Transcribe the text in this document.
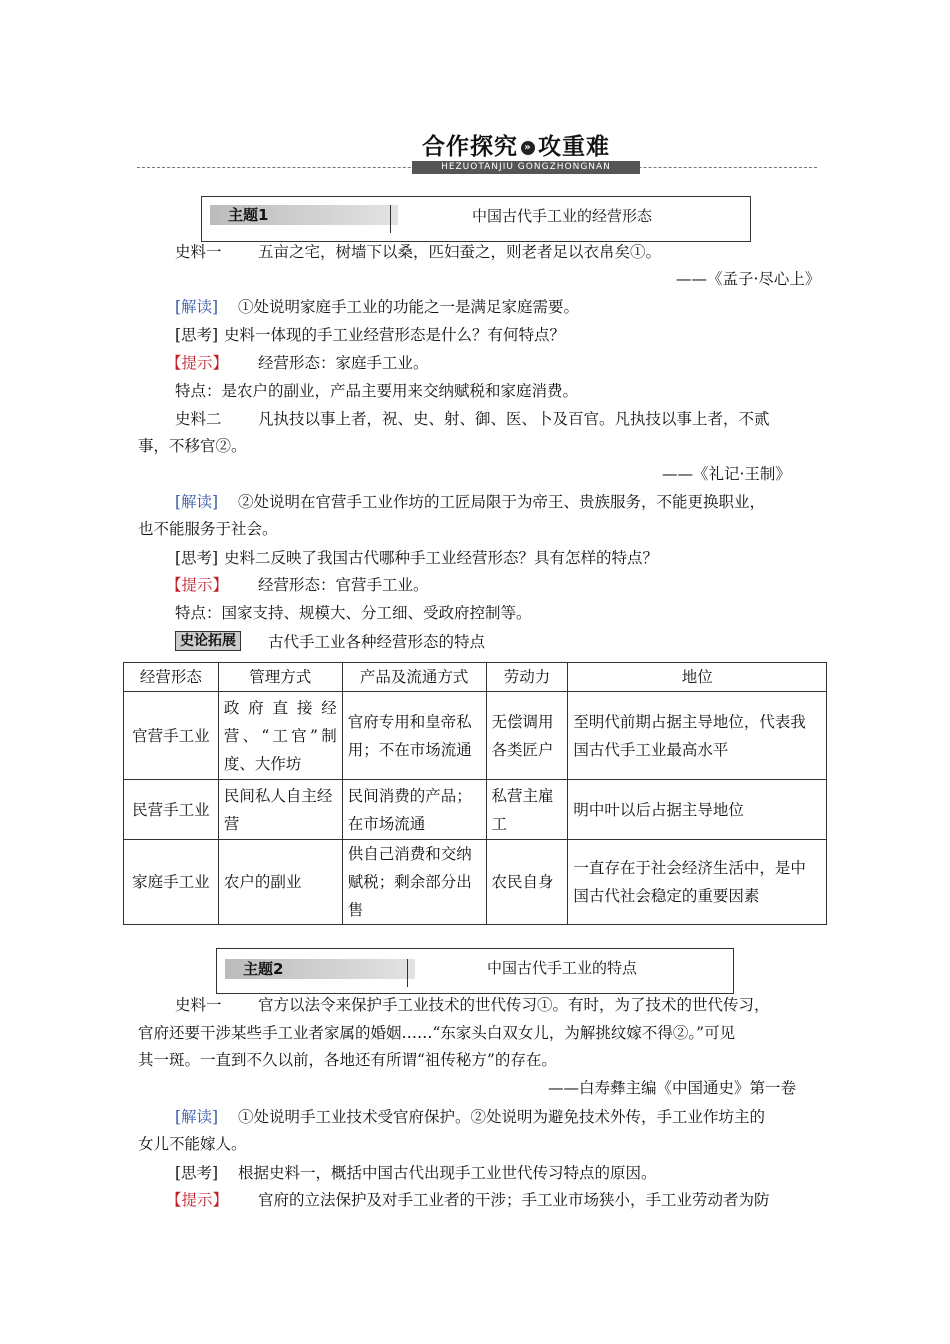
合作探究 » 攻重难
HEZUOTANJIU GONGZHONGNAN
主题1	中国古代手工业的经营形态
史料一 五亩之宅，树墙下以桑，匹妇蚕之，则老者足以衣帛矣①。
——《孟子·尽心上》
[解读] ①处说明家庭手工业的功能之一是满足家庭需要。
[思考] 史料一体现的手工业经营形态是什么？有何特点？
【提示】 经营形态：家庭手工业。
特点：是农户的副业，产品主要用来交纳赋税和家庭消费。
史料二 凡执技以事上者，祝、史、射、御、医、卜及百官。凡执技以事上者，不贰
事，不移官②。
——《礼记·王制》
[解读] ②处说明在官营手工业作坊的工匠局限于为帝王、贵族服务，不能更换职业，
也不能服务于社会。
[思考] 史料二反映了我国古代哪种手工业经营形态？具有怎样的特点？
【提示】 经营形态：官营手工业。
特点：国家支持、规模大、分工细、受政府控制等。
史论拓展	古代手工业各种经营形态的特点
经营形态	管理方式	产品及流通方式	劳动力	地位
官营手工业	政府直接经营、“工官”制度、大作坊	官府专用和皇帝私用；不在市场流通	无偿调用各类匠户	至明代前期占据主导地位，代表我国古代手工业最高水平
民营手工业	民间私人自主经营	民间消费的产品；在市场流通	私营主雇工	明中叶以后占据主导地位
家庭手工业	农户的副业	供自己消费和交纳赋税；剩余部分出售	农民自身	一直存在于社会经济生活中，是中国古代社会稳定的重要因素
主题2	中国古代手工业的特点
史料一 官方以法令来保护手工业技术的世代传习①。有时，为了技术的世代传习，
官府还要干涉某些手工业者家属的婚姻……“东家头白双女儿，为解挑纹嫁不得②。”可见
其一斑。一直到不久以前，各地还有所谓“祖传秘方”的存在。
——白寿彝主编《中国通史》第一卷
[解读] ①处说明手工业技术受官府保护。②处说明为避免技术外传，手工业作坊主的
女儿不能嫁人。
[思考] 根据史料一，概括中国古代出现手工业世代传习特点的原因。
【提示】 官府的立法保护及对手工业者的干涉；手工业市场狭小，手工业劳动者为防
